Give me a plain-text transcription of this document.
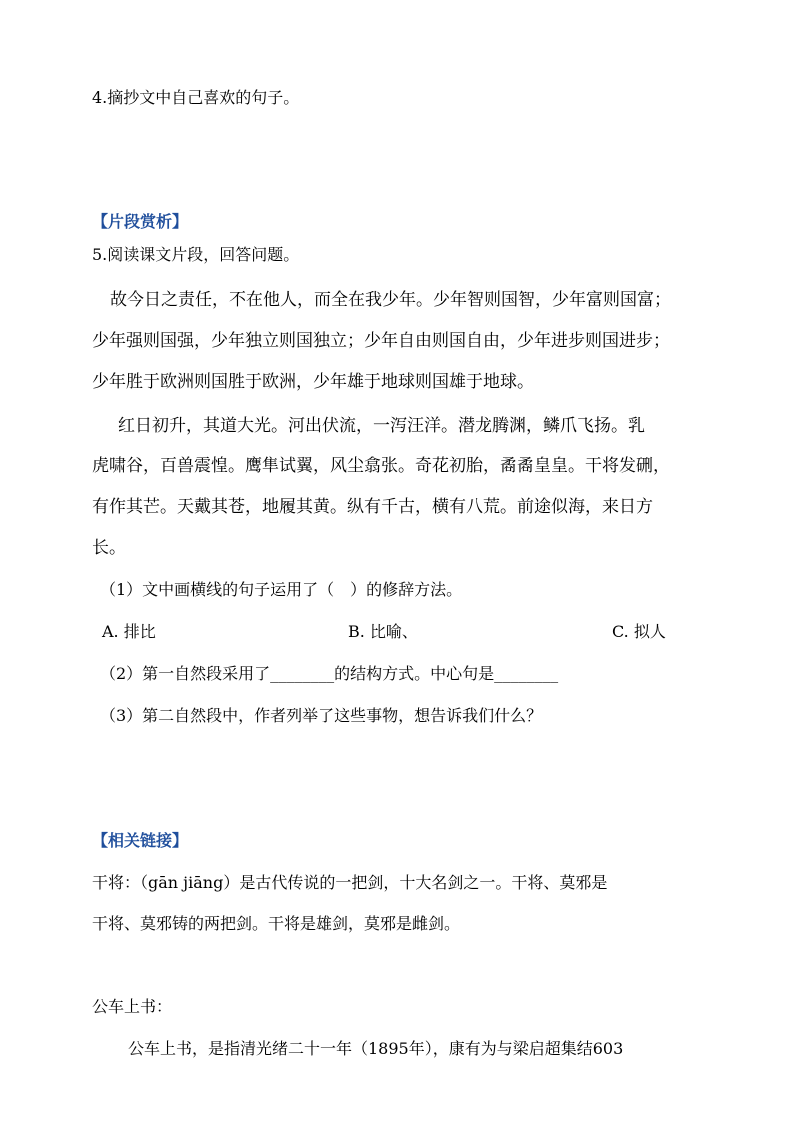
4.摘抄文中自己喜欢的句子。
【片段赏析】
5.阅读课文片段，回答问题。
故今日之责任，不在他人，而全在我少年。少年智则国智，少年富则国富；
少年强则国强，少年独立则国独立；少年自由则国自由，少年进步则国进步；
少年胜于欧洲则国胜于欧洲，少年雄于地球则国雄于地球。
红日初升，其道大光。河出伏流，一泻汪洋。潜龙腾渊，鳞爪飞扬。乳
虎啸谷，百兽震惶。鹰隼试翼，风尘翕张。奇花初胎，矞矞皇皇。干将发硎，
有作其芒。天戴其苍，地履其黄。纵有千古，横有八荒。前途似海，来日方
长。
（1）文中画横线的句子运用了（　）的修辞方法。
A. 排比	B. 比喻、	C. 拟人
（2）第一自然段采用了________的结构方式。中心句是________
（3）第二自然段中，作者列举了这些事物，想告诉我们什么？
【相关链接】
干将：（gān jiāng）是古代传说的一把剑，十大名剑之一。干将、莫邪是
干将、莫邪铸的两把剑。干将是雄剑，莫邪是雌剑。
公车上书：
公车上书，是指清光绪二十一年（1895年），康有为与梁启超集结603
